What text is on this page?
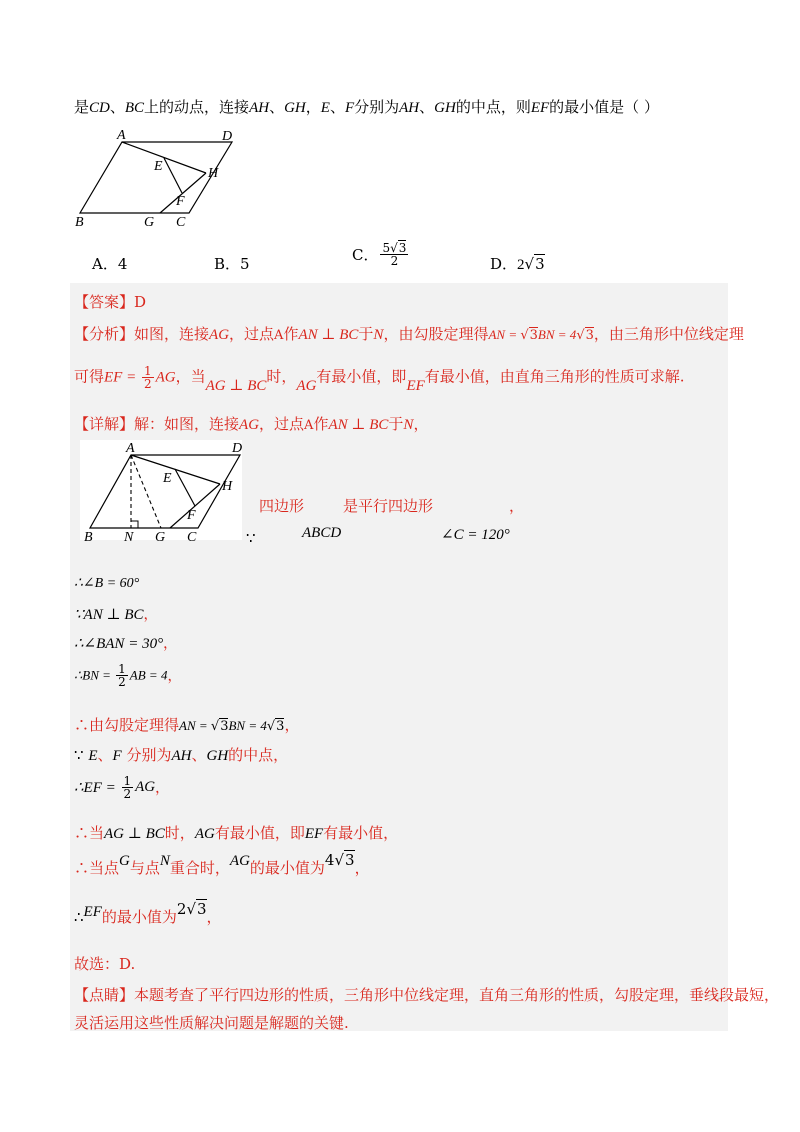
是CD、BC上的动点，连接AH、GH，E、F分别为AH、GH的中点，则EF的最小值是（ ）
A	D
E	H
F
B	G C
A．4	B．5	C． $\frac{5√3}{2}$	D．2√3
【答案】D
【分析】如图，连接AG，过点A作AN ⊥ BC于N，由勾股定理得AN = √3BN = 4√3，由三角形中位线定理
可得EF = $\frac{1}{2}$ AG，当AG ⊥ BC时，AG有最小值，即EF有最小值，由直角三角形的性质可求解.
【详解】解：如图，连接AG，过点A作AN ⊥ BC于N，
A	D
E
H
F
B N G C
四边形	是平行四边形	，
∵	ABCD	∠C = 120°
∴∠B = 60°
∵AN ⊥ BC，
∴∠BAN = 30°，
∴BN = $\frac{1}{2}$ AB = 4，
∴由勾股定理得AN = √3BN = 4√3，
∵ E、F 分别为AH、GH的中点，
∴EF = $\frac{1}{2}$ AG，
∴当AG ⊥ BC时，AG有最小值，即EF有最小值，
∴当点G与点N重合时，AG的最小值为4√3，
∴EF的最小值为2√3，
故选：D.
【点睛】本题考查了平行四边形的性质，三角形中位线定理，直角三角形的性质，勾股定理，垂线段最短，
灵活运用这些性质解决问题是解题的关键.
